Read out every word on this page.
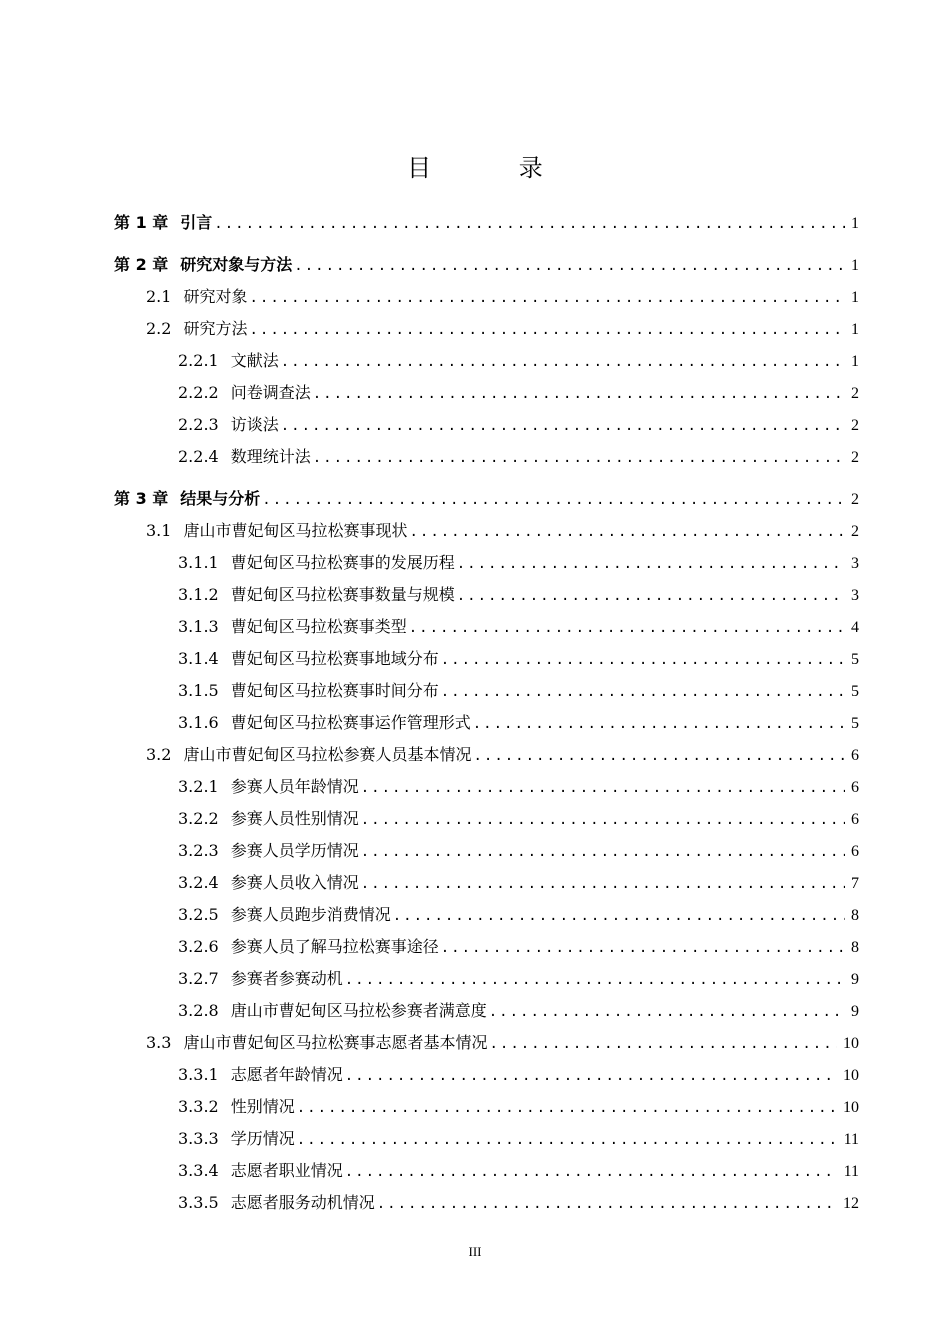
目 录
第 1 章 引言 .....	1
第 2 章 研究对象与方法 .....	1
2.1 研究对象 .....	1
2.2 研究方法 .....	1
2.2.1 文献法 .....	1
2.2.2 问卷调查法 .....	2
2.2.3 访谈法 .....	2
2.2.4 数理统计法 .....	2
第 3 章 结果与分析 .....	2
3.1 唐山市曹妃甸区马拉松赛事现状 .....	2
3.1.1 曹妃甸区马拉松赛事的发展历程 .....	3
3.1.2 曹妃甸区马拉松赛事数量与规模 .....	3
3.1.3 曹妃甸区马拉松赛事类型 .....	4
3.1.4 曹妃甸区马拉松赛事地域分布 .....	5
3.1.5 曹妃甸区马拉松赛事时间分布 .....	5
3.1.6 曹妃甸区马拉松赛事运作管理形式 .....	5
3.2 唐山市曹妃甸区马拉松参赛人员基本情况 .....	6
3.2.1 参赛人员年龄情况 .....	6
3.2.2 参赛人员性别情况 .....	6
3.2.3 参赛人员学历情况 .....	6
3.2.4 参赛人员收入情况 .....	7
3.2.5 参赛人员跑步消费情况 .....	8
3.2.6 参赛人员了解马拉松赛事途径 .....	8
3.2.7 参赛者参赛动机 .....	9
3.2.8 唐山市曹妃甸区马拉松参赛者满意度 .....	9
3.3 唐山市曹妃甸区马拉松赛事志愿者基本情况 .....	10
3.3.1 志愿者年龄情况 .....	10
3.3.2 性别情况 .....	10
3.3.3 学历情况 .....	11
3.3.4 志愿者职业情况 .....	11
3.3.5 志愿者服务动机情况 .....	12
III
